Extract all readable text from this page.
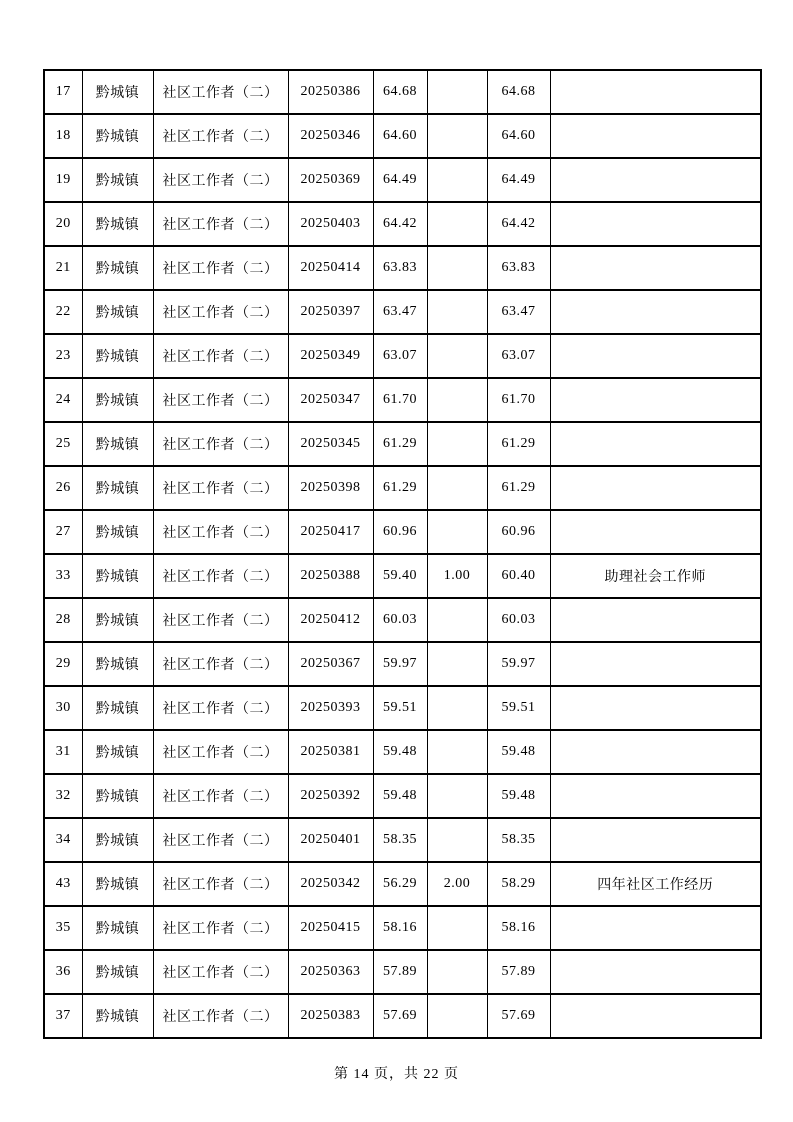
17	黔城镇	社区工作者（二）	20250386	64.68		64.68	
18	黔城镇	社区工作者（二）	20250346	64.60		64.60	
19	黔城镇	社区工作者（二）	20250369	64.49		64.49	
20	黔城镇	社区工作者（二）	20250403	64.42		64.42	
21	黔城镇	社区工作者（二）	20250414	63.83		63.83	
22	黔城镇	社区工作者（二）	20250397	63.47		63.47	
23	黔城镇	社区工作者（二）	20250349	63.07		63.07	
24	黔城镇	社区工作者（二）	20250347	61.70		61.70	
25	黔城镇	社区工作者（二）	20250345	61.29		61.29	
26	黔城镇	社区工作者（二）	20250398	61.29		61.29	
27	黔城镇	社区工作者（二）	20250417	60.96		60.96	
33	黔城镇	社区工作者（二）	20250388	59.40	1.00	60.40	助理社会工作师
28	黔城镇	社区工作者（二）	20250412	60.03		60.03	
29	黔城镇	社区工作者（二）	20250367	59.97		59.97	
30	黔城镇	社区工作者（二）	20250393	59.51		59.51	
31	黔城镇	社区工作者（二）	20250381	59.48		59.48	
32	黔城镇	社区工作者（二）	20250392	59.48		59.48	
34	黔城镇	社区工作者（二）	20250401	58.35		58.35	
43	黔城镇	社区工作者（二）	20250342	56.29	2.00	58.29	四年社区工作经历
35	黔城镇	社区工作者（二）	20250415	58.16		58.16	
36	黔城镇	社区工作者（二）	20250363	57.89		57.89	
37	黔城镇	社区工作者（二）	20250383	57.69		57.69	
第 14 页，共 22 页
